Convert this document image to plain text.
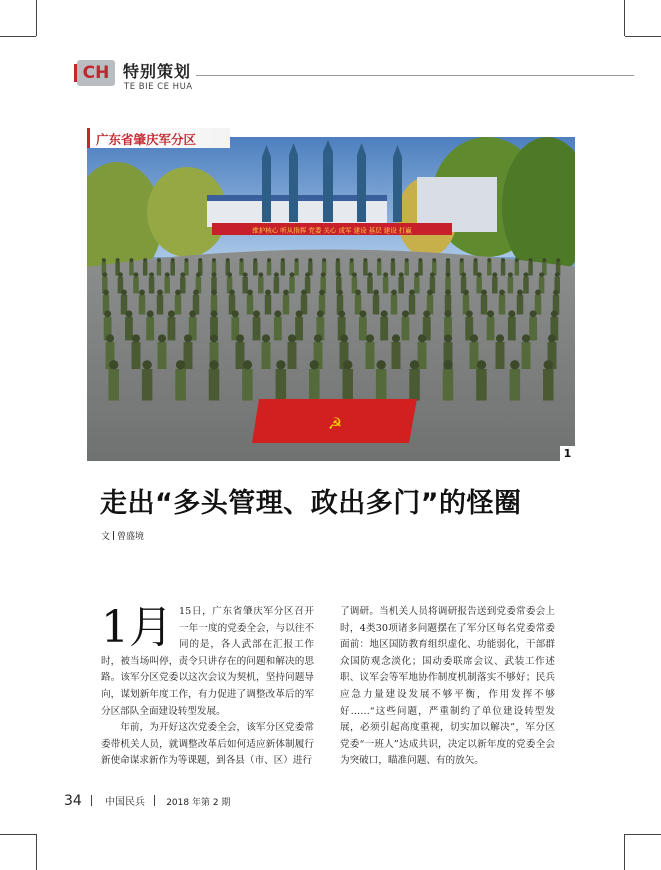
CH 特别策划
TE BIE CE HUA
维护核心 听从指挥 党委 关心 成军 建设 基层 建设 打赢
☭
广东省肇庆军分区
1
走出“多头管理、政出多门”的怪圈
文 曾盛境

1月 15日，广东省肇庆军分区召开一年一度的党委全会，与以往不同的是，各人武部在汇报工作时，被当场叫停，责令只讲存在的问题和解决的思路。该军分区党委以这次会议为契机，坚持问题导向，谋划新年度工作，有力促进了调整改革后的军分区部队全面建设转型发展。

年前，为开好这次党委全会，该军分区党委常委带机关人员，就调整改革后如何适应新体制履行新使命谋求新作为等课题，到各县（市、区）进行

了调研。当机关人员将调研报告送到党委常委会上时，4类30项诸多问题摆在了军分区每名党委常委面前：地区国防教育组织虚化、功能弱化，干部群众国防观念淡化；国动委联席会议、武装工作述职、议军会等军地协作制度机制落实不够好；民兵应急力量建设发展不够平衡，作用发挥不够好……“这些问题，严重制约了单位建设转型发展，必须引起高度重视，切实加以解决”，军分区党委“一班人”达成共识，决定以新年度的党委全会为突破口，瞄准问题、有的放矢。

34 中国民兵 2018 年第 2 期
